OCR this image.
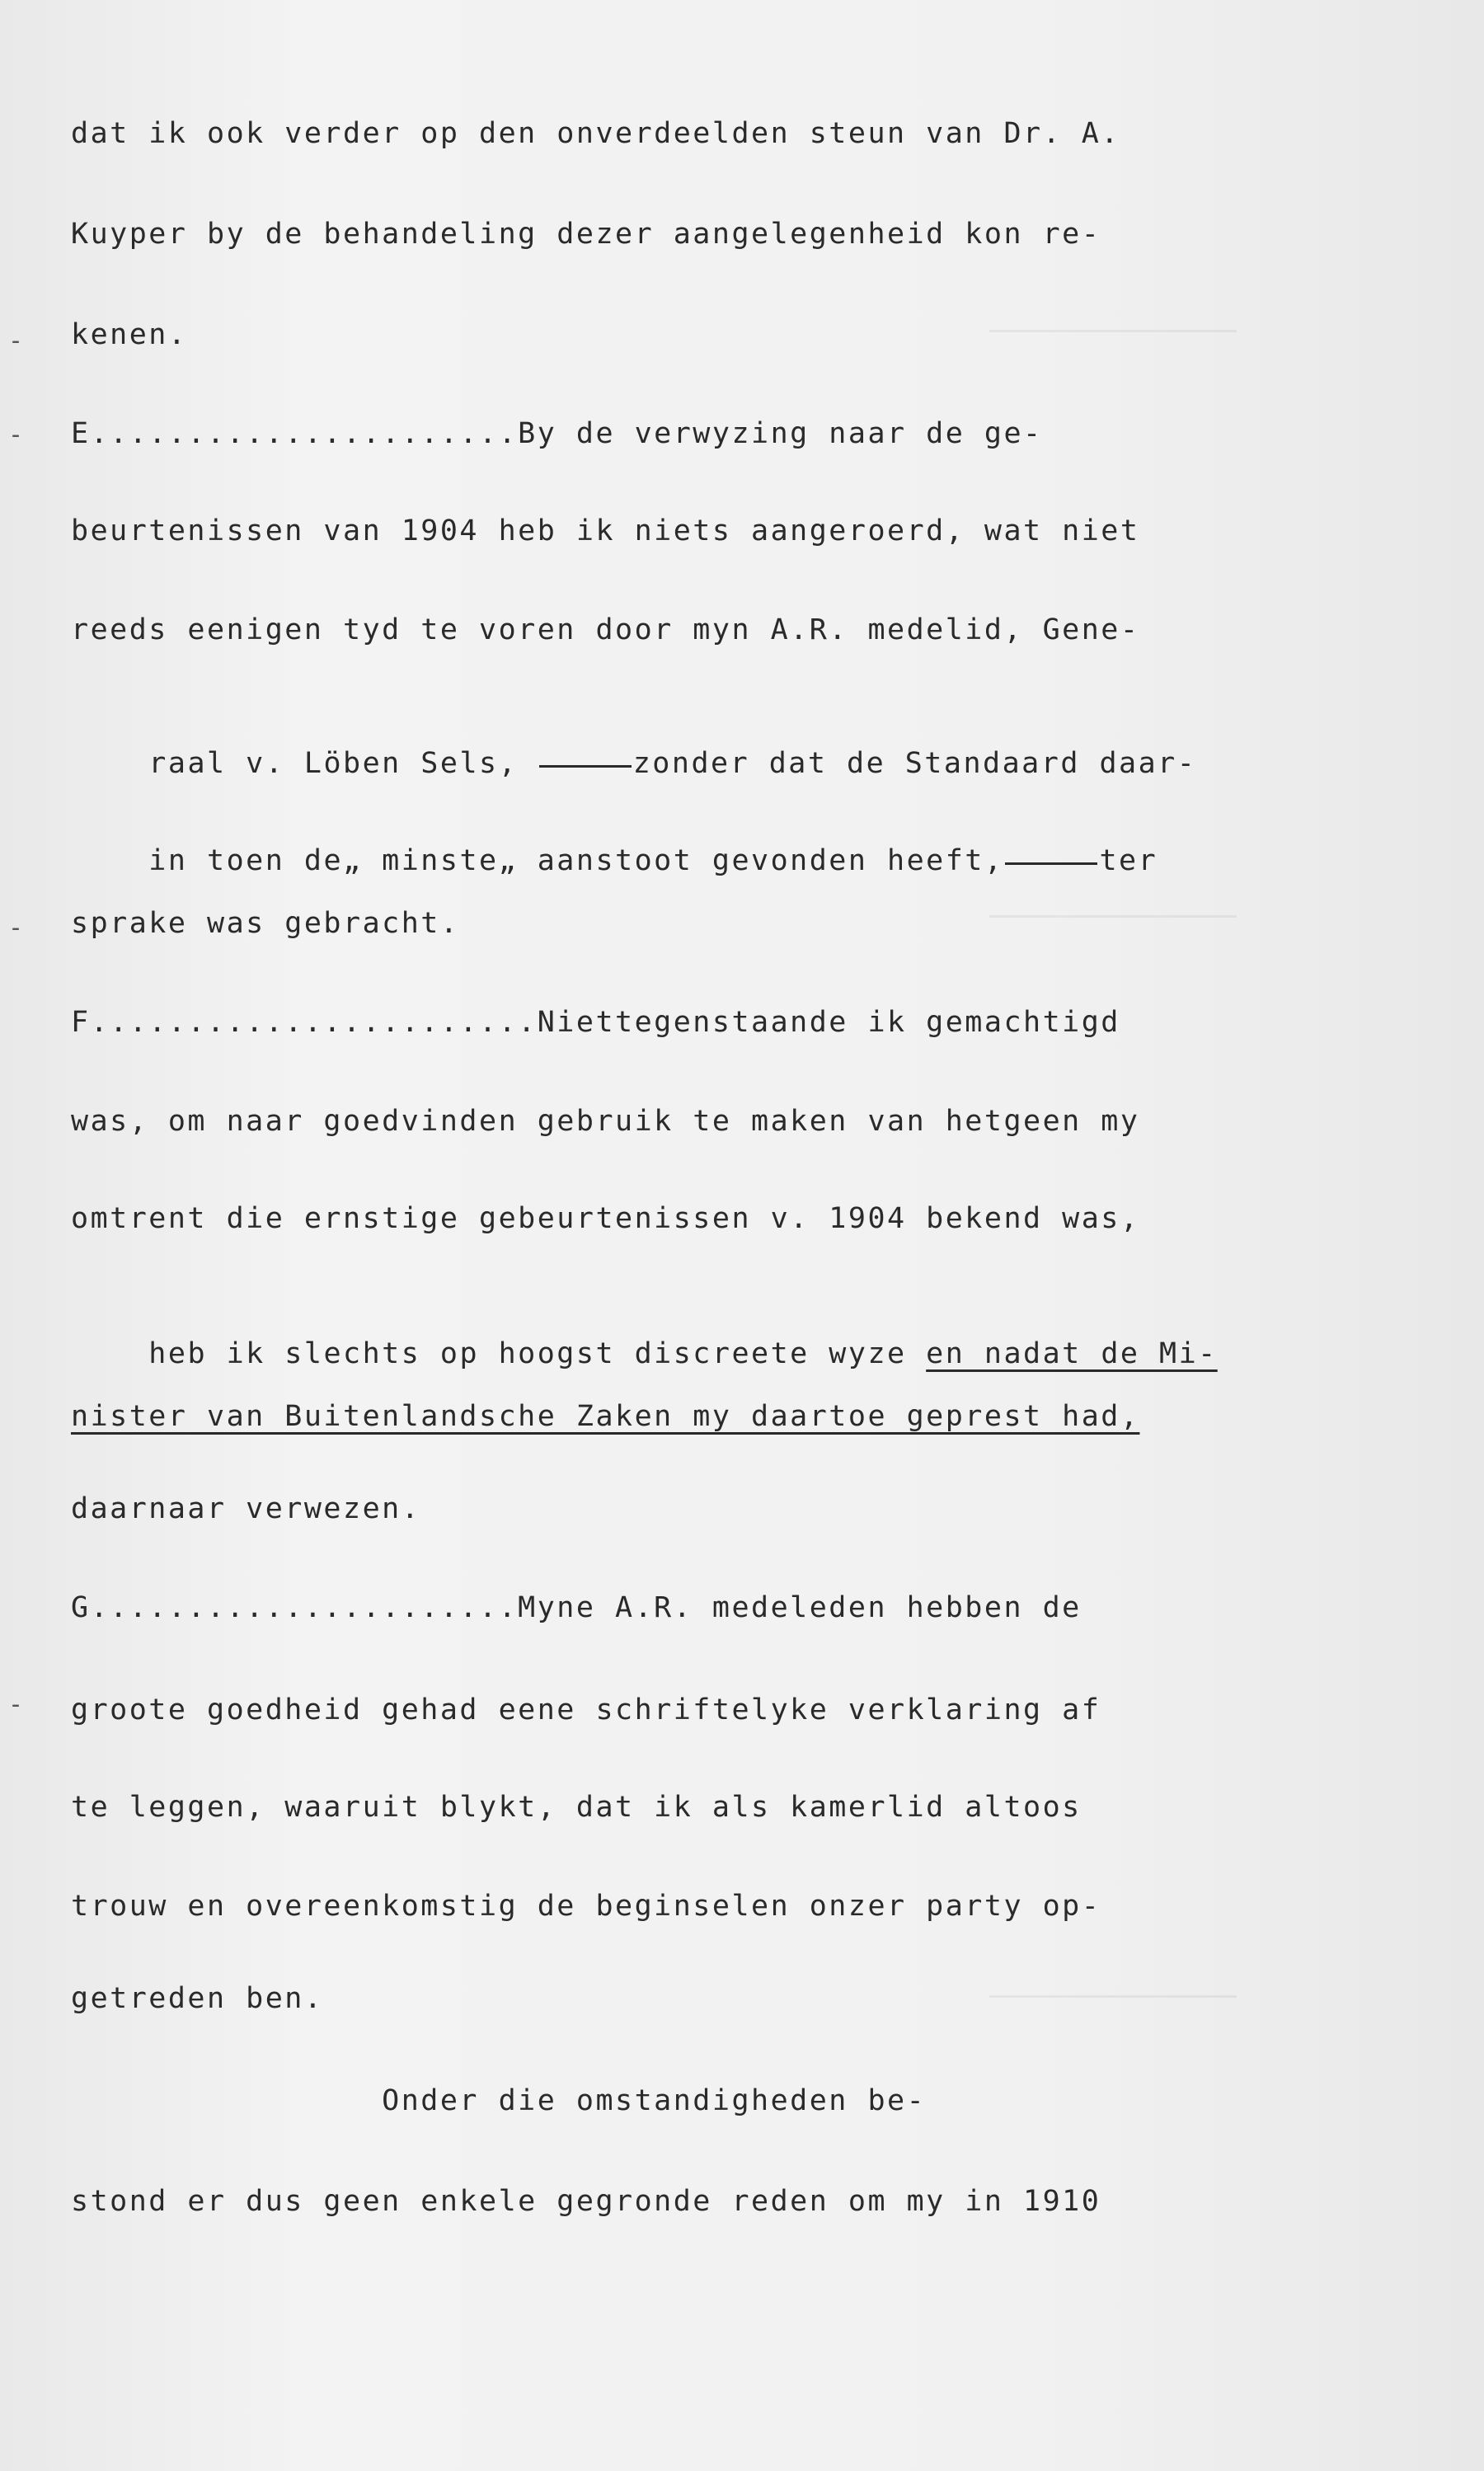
-
-
-
-
dat ik ook verder op den onverdeelden steun van Dr. A.
Kuyper by de behandeling dezer aangelegenheid kon re-
kenen.
E......................By de verwyzing naar de ge-
beurtenissen van 1904 heb ik niets aangeroerd, wat niet
reeds eenigen tyd te voren door myn A.R. medelid, Gene-

raal v. Löben Sels,	zonder dat de Standaard daar-

in toen de„ minste„ aanstoot gevonden heeft,	ter

sprake was gebracht.
F.......................Niettegenstaande ik gemachtigd
was, om naar goedvinden gebruik te maken van hetgeen my
omtrent die ernstige gebeurtenissen v. 1904 bekend was,

heb ik slechts op hoogst discreete wyze en nadat de Mi-

nister van Buitenlandsche Zaken my daartoe geprest had,
daarnaar verwezen.
G......................Myne A.R. medeleden hebben de
groote goedheid gehad eene schriftelyke verklaring af
te leggen, waaruit blykt, dat ik als kamerlid altoos
trouw en overeenkomstig de beginselen onzer party op-
getreden ben.
Onder die omstandigheden be-
stond er dus geen enkele gegronde reden om my in 1910
